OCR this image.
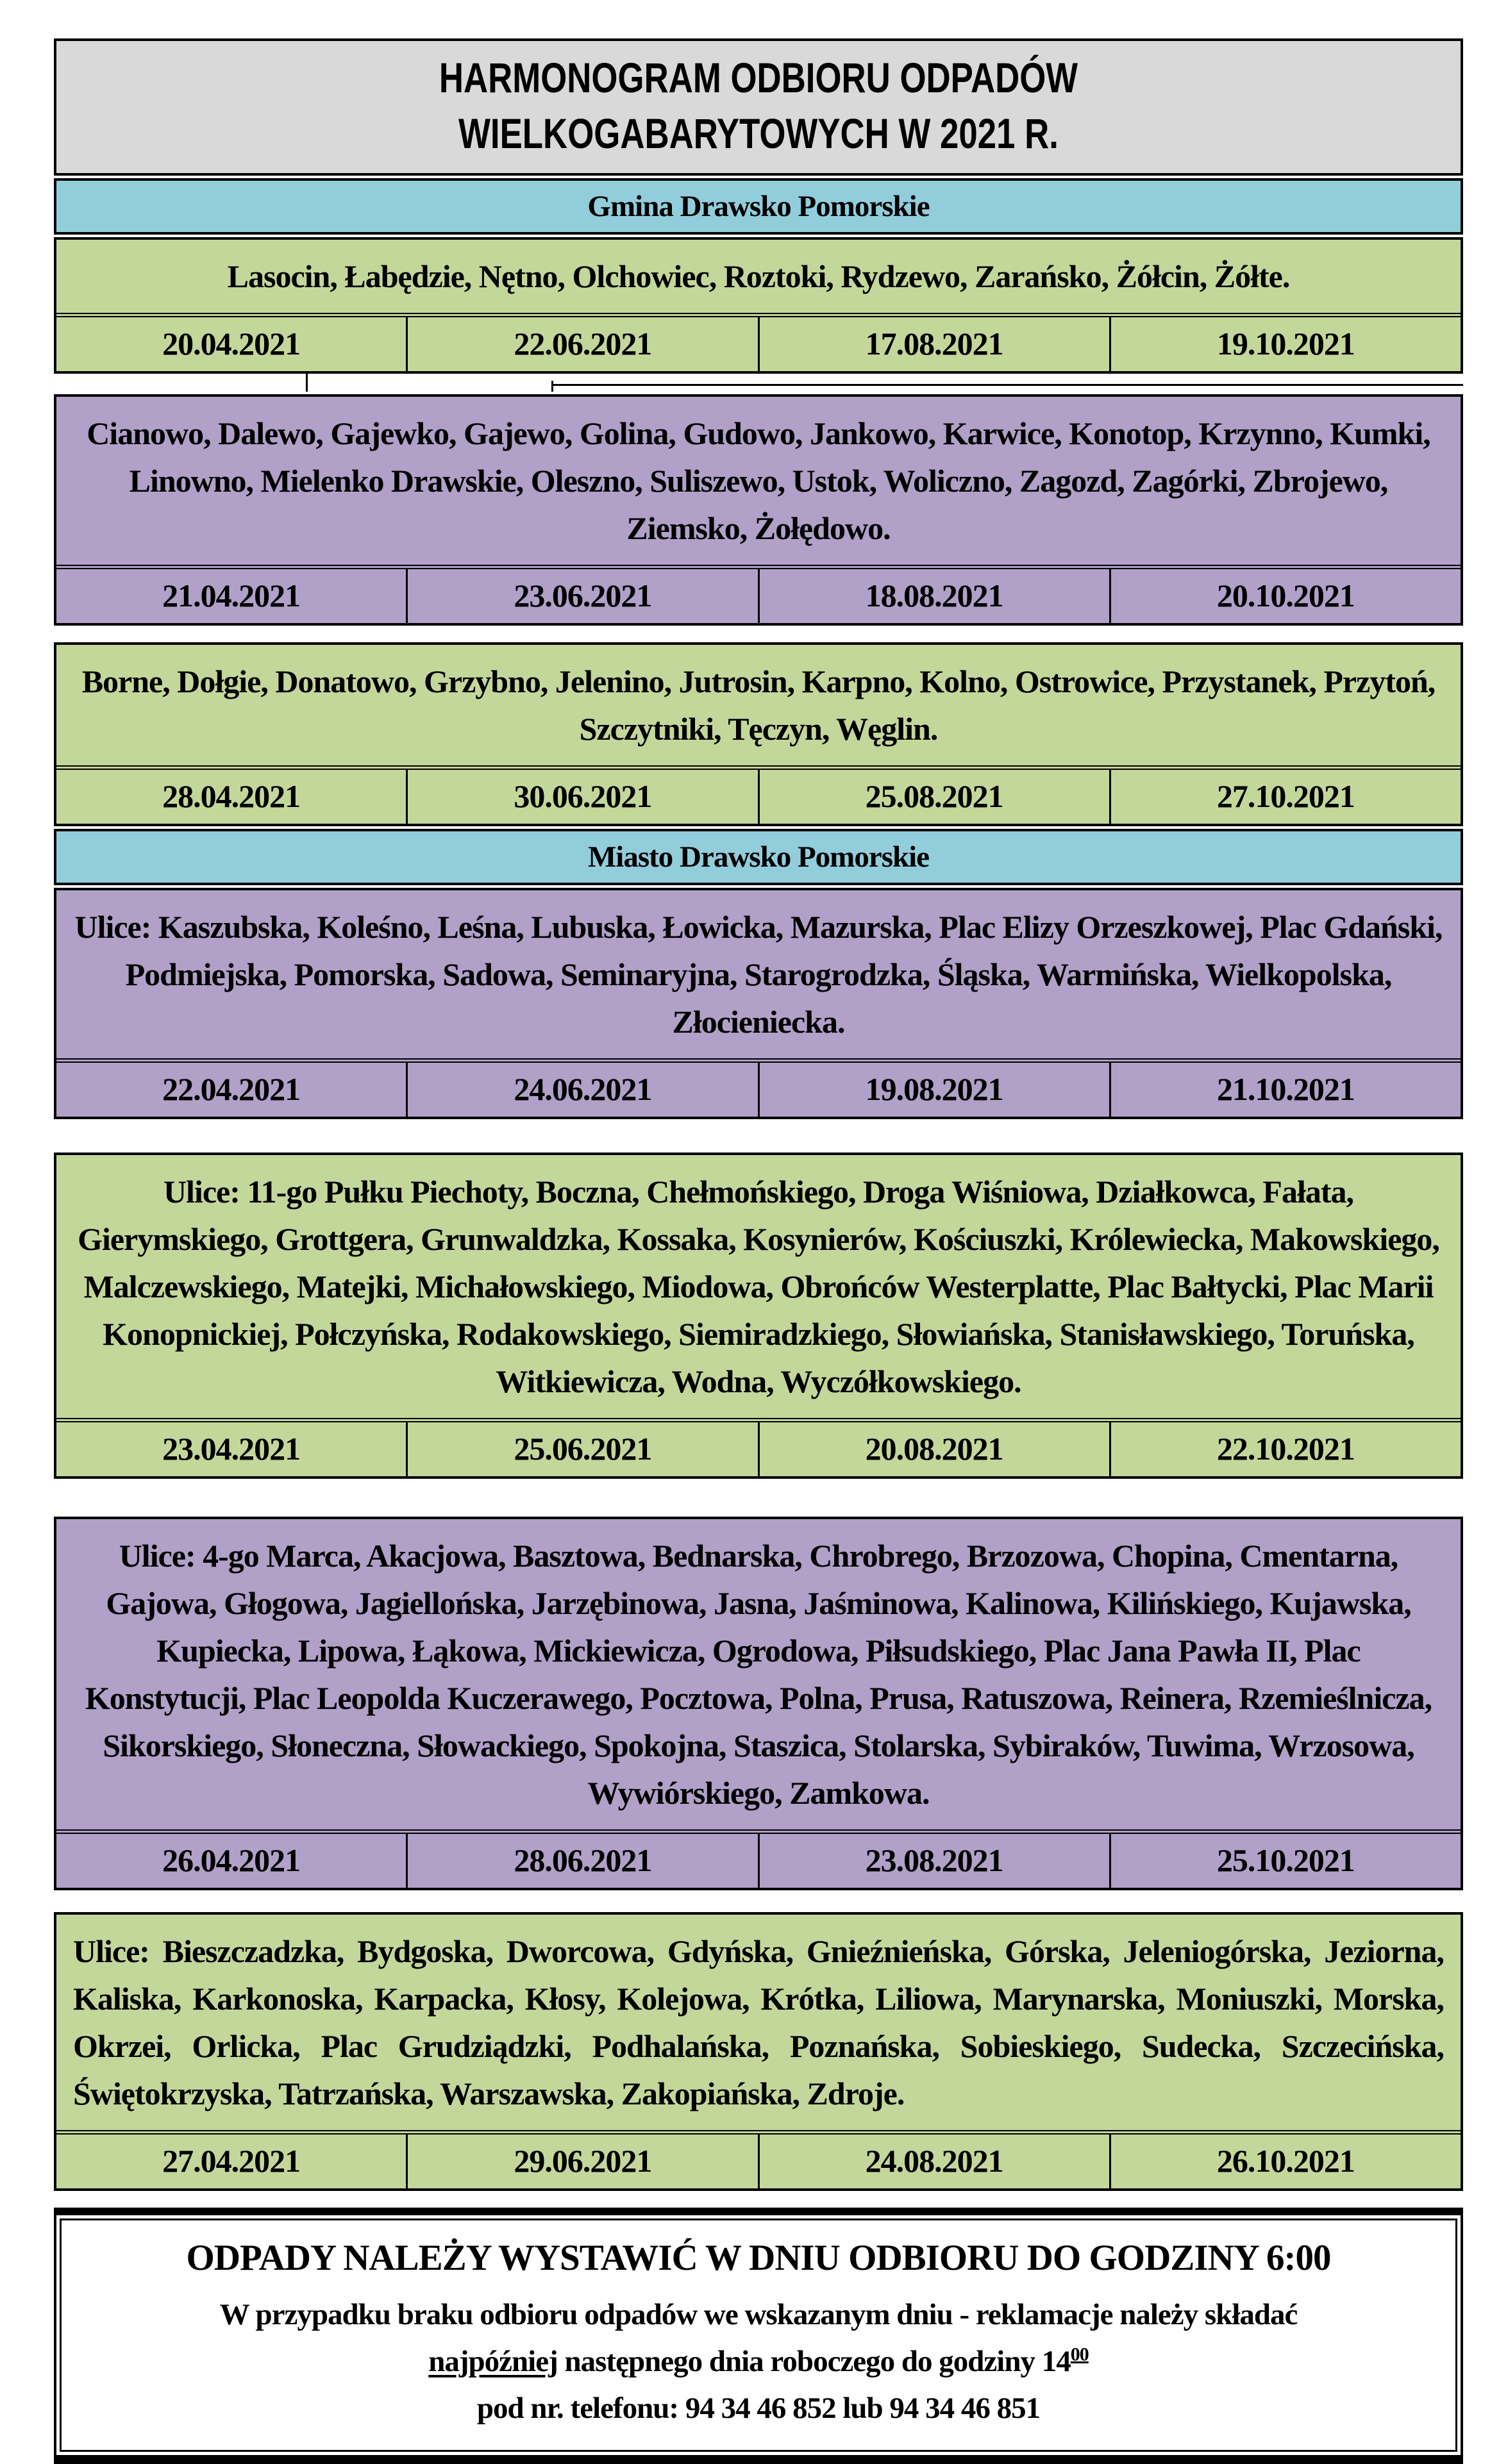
HARMONOGRAM ODBIORU ODPADÓW
WIELKOGABARYTOWYCH W 2021 R.
Gmina Drawsko Pomorskie

Lasocin, Łabędzie, Nętno, Olchowiec, Roztoki, Rydzewo, Zarańsko, Żółcin, Żółte.

20.04.2021	22.06.2021	17.08.2021	19.10.2021

Cianowo, Dalewo, Gajewko, Gajewo, Golina, Gudowo, Jankowo, Karwice, Konotop, Krzynno, Kumki, Linowno, Mielenko Drawskie, Oleszno, Suliszewo, Ustok, Woliczno, Zagozd, Zagórki, Zbrojewo, Ziemsko, Żołędowo.

21.04.2021	23.06.2021	18.08.2021	20.10.2021

Borne, Dołgie, Donatowo, Grzybno, Jelenino, Jutrosin, Karpno, Kolno, Ostrowice, Przystanek, Przytoń, Szczytniki, Tęczyn, Węglin.

28.04.2021	30.06.2021	25.08.2021	27.10.2021
Miasto Drawsko Pomorskie

Ulice: Kaszubska, Koleśno, Leśna, Lubuska, Łowicka, Mazurska, Plac Elizy Orzeszkowej, Plac Gdański, Podmiejska, Pomorska, Sadowa, Seminaryjna, Starogrodzka, Śląska, Warmińska, Wielkopolska, Złocieniecka.

22.04.2021	24.06.2021	19.08.2021	21.10.2021

Ulice: 11-go Pułku Piechoty, Boczna, Chełmońskiego, Droga Wiśniowa, Działkowca, Fałata, Gierymskiego, Grottgera, Grunwaldzka, Kossaka, Kosynierów, Kościuszki, Królewiecka, Makowskiego, Malczewskiego, Matejki, Michałowskiego, Miodowa, Obrońców Westerplatte, Plac Bałtycki, Plac Marii Konopnickiej, Połczyńska, Rodakowskiego, Siemiradzkiego, Słowiańska, Stanisławskiego, Toruńska, Witkiewicza, Wodna, Wyczółkowskiego.

23.04.2021	25.06.2021	20.08.2021	22.10.2021

Ulice: 4-go Marca, Akacjowa, Basztowa, Bednarska, Chrobrego, Brzozowa, Chopina, Cmentarna, Gajowa, Głogowa, Jagiellońska, Jarzębinowa, Jasna, Jaśminowa, Kalinowa, Kilińskiego, Kujawska, Kupiecka, Lipowa, Łąkowa, Mickiewicza, Ogrodowa, Piłsudskiego, Plac Jana Pawła II, Plac Konstytucji, Plac Leopolda Kuczerawego, Pocztowa, Polna, Prusa, Ratuszowa, Reinera, Rzemieślnicza, Sikorskiego, Słoneczna, Słowackiego, Spokojna, Staszica, Stolarska, Sybiraków, Tuwima, Wrzosowa, Wywiórskiego, Zamkowa.

26.04.2021	28.06.2021	23.08.2021	25.10.2021

Ulice: Bieszczadzka, Bydgoska, Dworcowa, Gdyńska, Gnieźnieńska, Górska, Jeleniogórska, Jeziorna, Kaliska, Karkonoska, Karpacka, Kłosy, Kolejowa, Krótka, Liliowa, Marynarska, Moniuszki, Morska, Okrzei, Orlicka, Plac Grudziądzki, Podhalańska, Poznańska, Sobieskiego, Sudecka, Szczecińska, Świętokrzyska, Tatrzańska, Warszawska, Zakopiańska, Zdroje.

27.04.2021	29.06.2021	24.08.2021	26.10.2021

ODPADY NALEŻY WYSTAWIĆ W DNIU ODBIORU DO GODZINY 6:00

W przypadku braku odbioru odpadów we wskazanym dniu - reklamacje należy składać
najpóźniej następnego dnia roboczego do godziny $14^{00}$
pod nr. telefonu: 94 34 46 852 lub 94 34 46 851
